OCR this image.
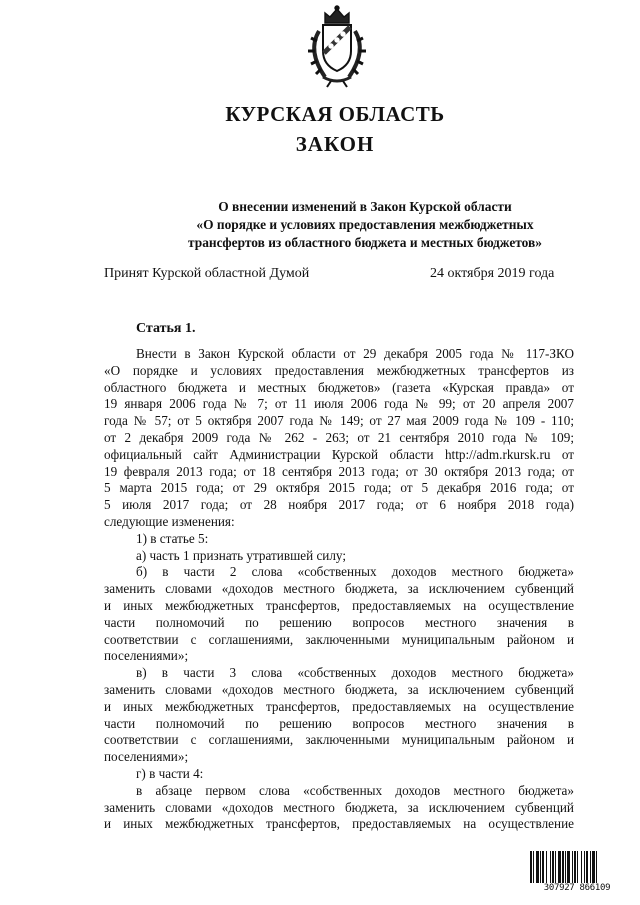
КУРСКАЯ ОБЛАСТЬ
ЗАКОН
О внесении изменений в Закон Курской области
«О порядке и условиях предоставления межбюджетных
трансфертов из областного бюджета и местных бюджетов»
Принят Курской областной Думой	24 октября 2019 года
Статья 1.

Внести в Закон Курской области от 29 декабря 2005 года № 117-ЗКО

«О порядке и условиях предоставления межбюджетных трансфертов из

областного бюджета и местных бюджетов» (газета «Курская правда» от

19 января 2006 года № 7; от 11 июля 2006 года № 99; от 20 апреля 2007

года № 57; от 5 октября 2007 года № 149; от 27 мая 2009 года № 109 - 110;

от 2 декабря 2009 года № 262 - 263; от 21 сентября 2010 года № 109;

официальный сайт Администрации Курской области http://adm.rkursk.ru от

19 февраля 2013 года; от 18 сентября 2013 года; от 30 октября 2013 года; от

5 марта 2015 года; от 29 октября 2015 года; от 5 декабря 2016 года; от

5 июля 2017 года; от 28 ноября 2017 года; от 6 ноября 2018 года)

следующие изменения:

1) в статье 5:

а) часть 1 признать утратившей силу;

б) в части 2 слова «собственных доходов местного бюджета»

заменить словами «доходов местного бюджета, за исключением субвенций

и иных межбюджетных трансфертов, предоставляемых на осуществление

части полномочий по решению вопросов местного значения в

соответствии с соглашениями, заключенными муниципальным районом и

поселениями»;

в) в части 3 слова «собственных доходов местного бюджета»

заменить словами «доходов местного бюджета, за исключением субвенций

и иных межбюджетных трансфертов, предоставляемых на осуществление

части полномочий по решению вопросов местного значения в

соответствии с соглашениями, заключенными муниципальным районом и

поселениями»;

г) в части 4:

в абзаце первом слова «собственных доходов местного бюджета»

заменить словами «доходов местного бюджета, за исключением субвенций

и иных межбюджетных трансфертов, предоставляемых на осуществление

307927 866109
